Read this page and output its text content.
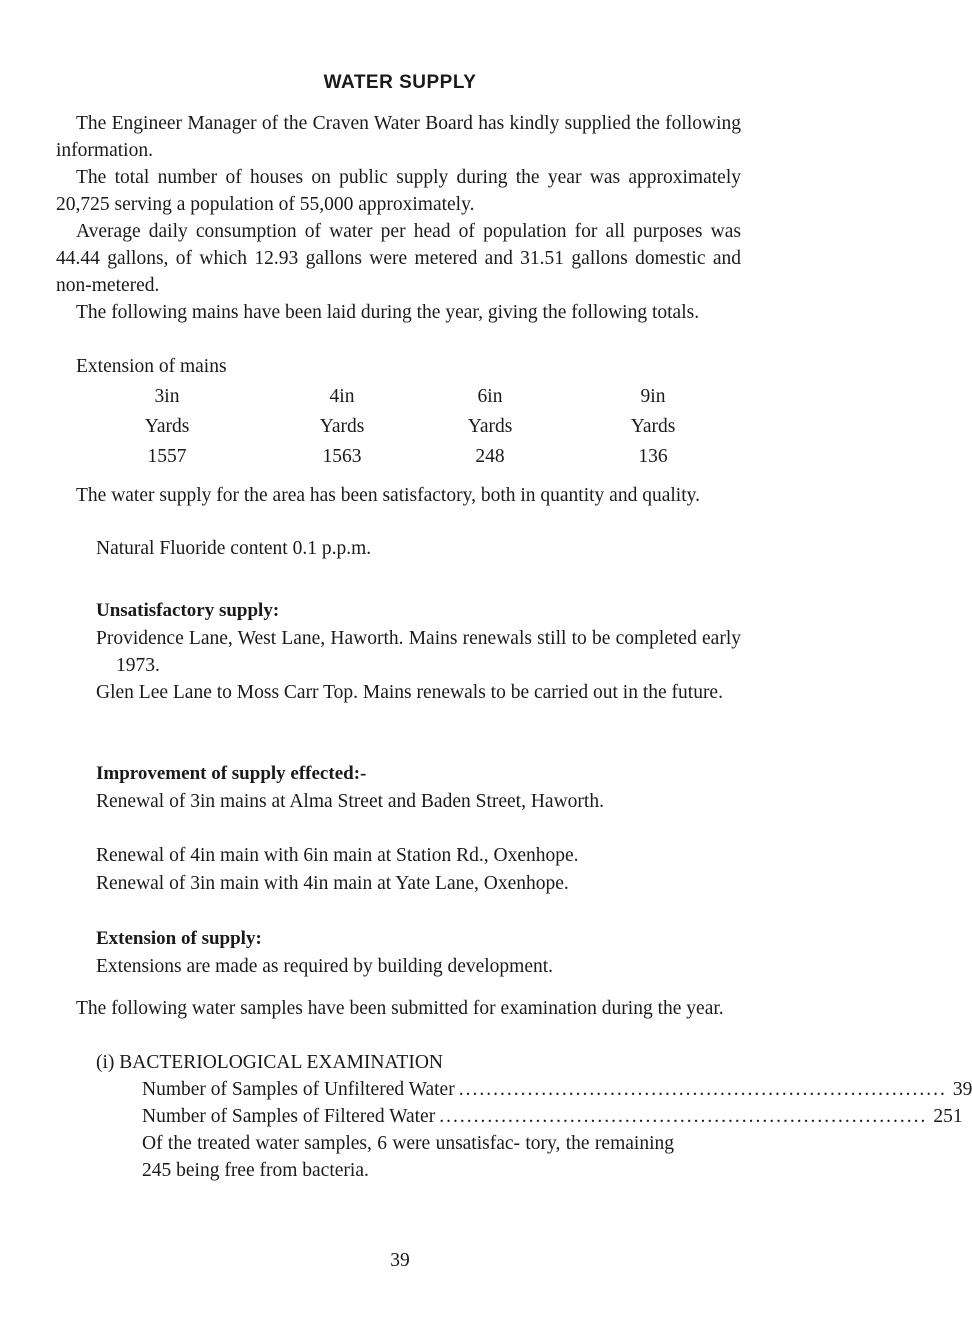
WATER SUPPLY

The Engineer Manager of the Craven Water Board has kindly supplied the following information.

The total number of houses on public supply during the year was approximately 20,725 serving a population of 55,000 approximately.

Average daily consumption of water per head of population for all purposes was 44.44 gallons, of which 12.93 gallons were metered and 31.51 gallons domestic and non-metered.

The following mains have been laid during the year, giving the following totals.

Extension of mains
3in	4in	6in	9in
Yards	Yards	Yards	Yards
1557	1563	248	136

The water supply for the area has been satisfactory, both in quantity and quality.

Natural Fluoride content 0.1 p.p.m.
Unsatisfactory supply:

Providence Lane, West Lane, Haworth. Mains renewals still to be completed early 1973.

Glen Lee Lane to Moss Carr Top. Mains renewals to be carried out in the future.

Improvement of supply effected:-

Renewal of 3in mains at Alma Street and Baden Street, Haworth.

Renewal of 4in main with 6in main at Station Rd., Oxenhope.

Renewal of 3in main with 4in main at Yate Lane, Oxenhope.

Extension of supply:
Extensions are made as required by building development.

The following water samples have been submitted for examination during the year.

(i) BACTERIOLOGICAL EXAMINATION
Number of Samples of Unfiltered Water ....................................................................... 39
Number of Samples of Filtered Water ....................................................................... 251

Of the treated water samples, 6 were unsatisfac- tory, the remaining 245 being free from bacteria.

39
